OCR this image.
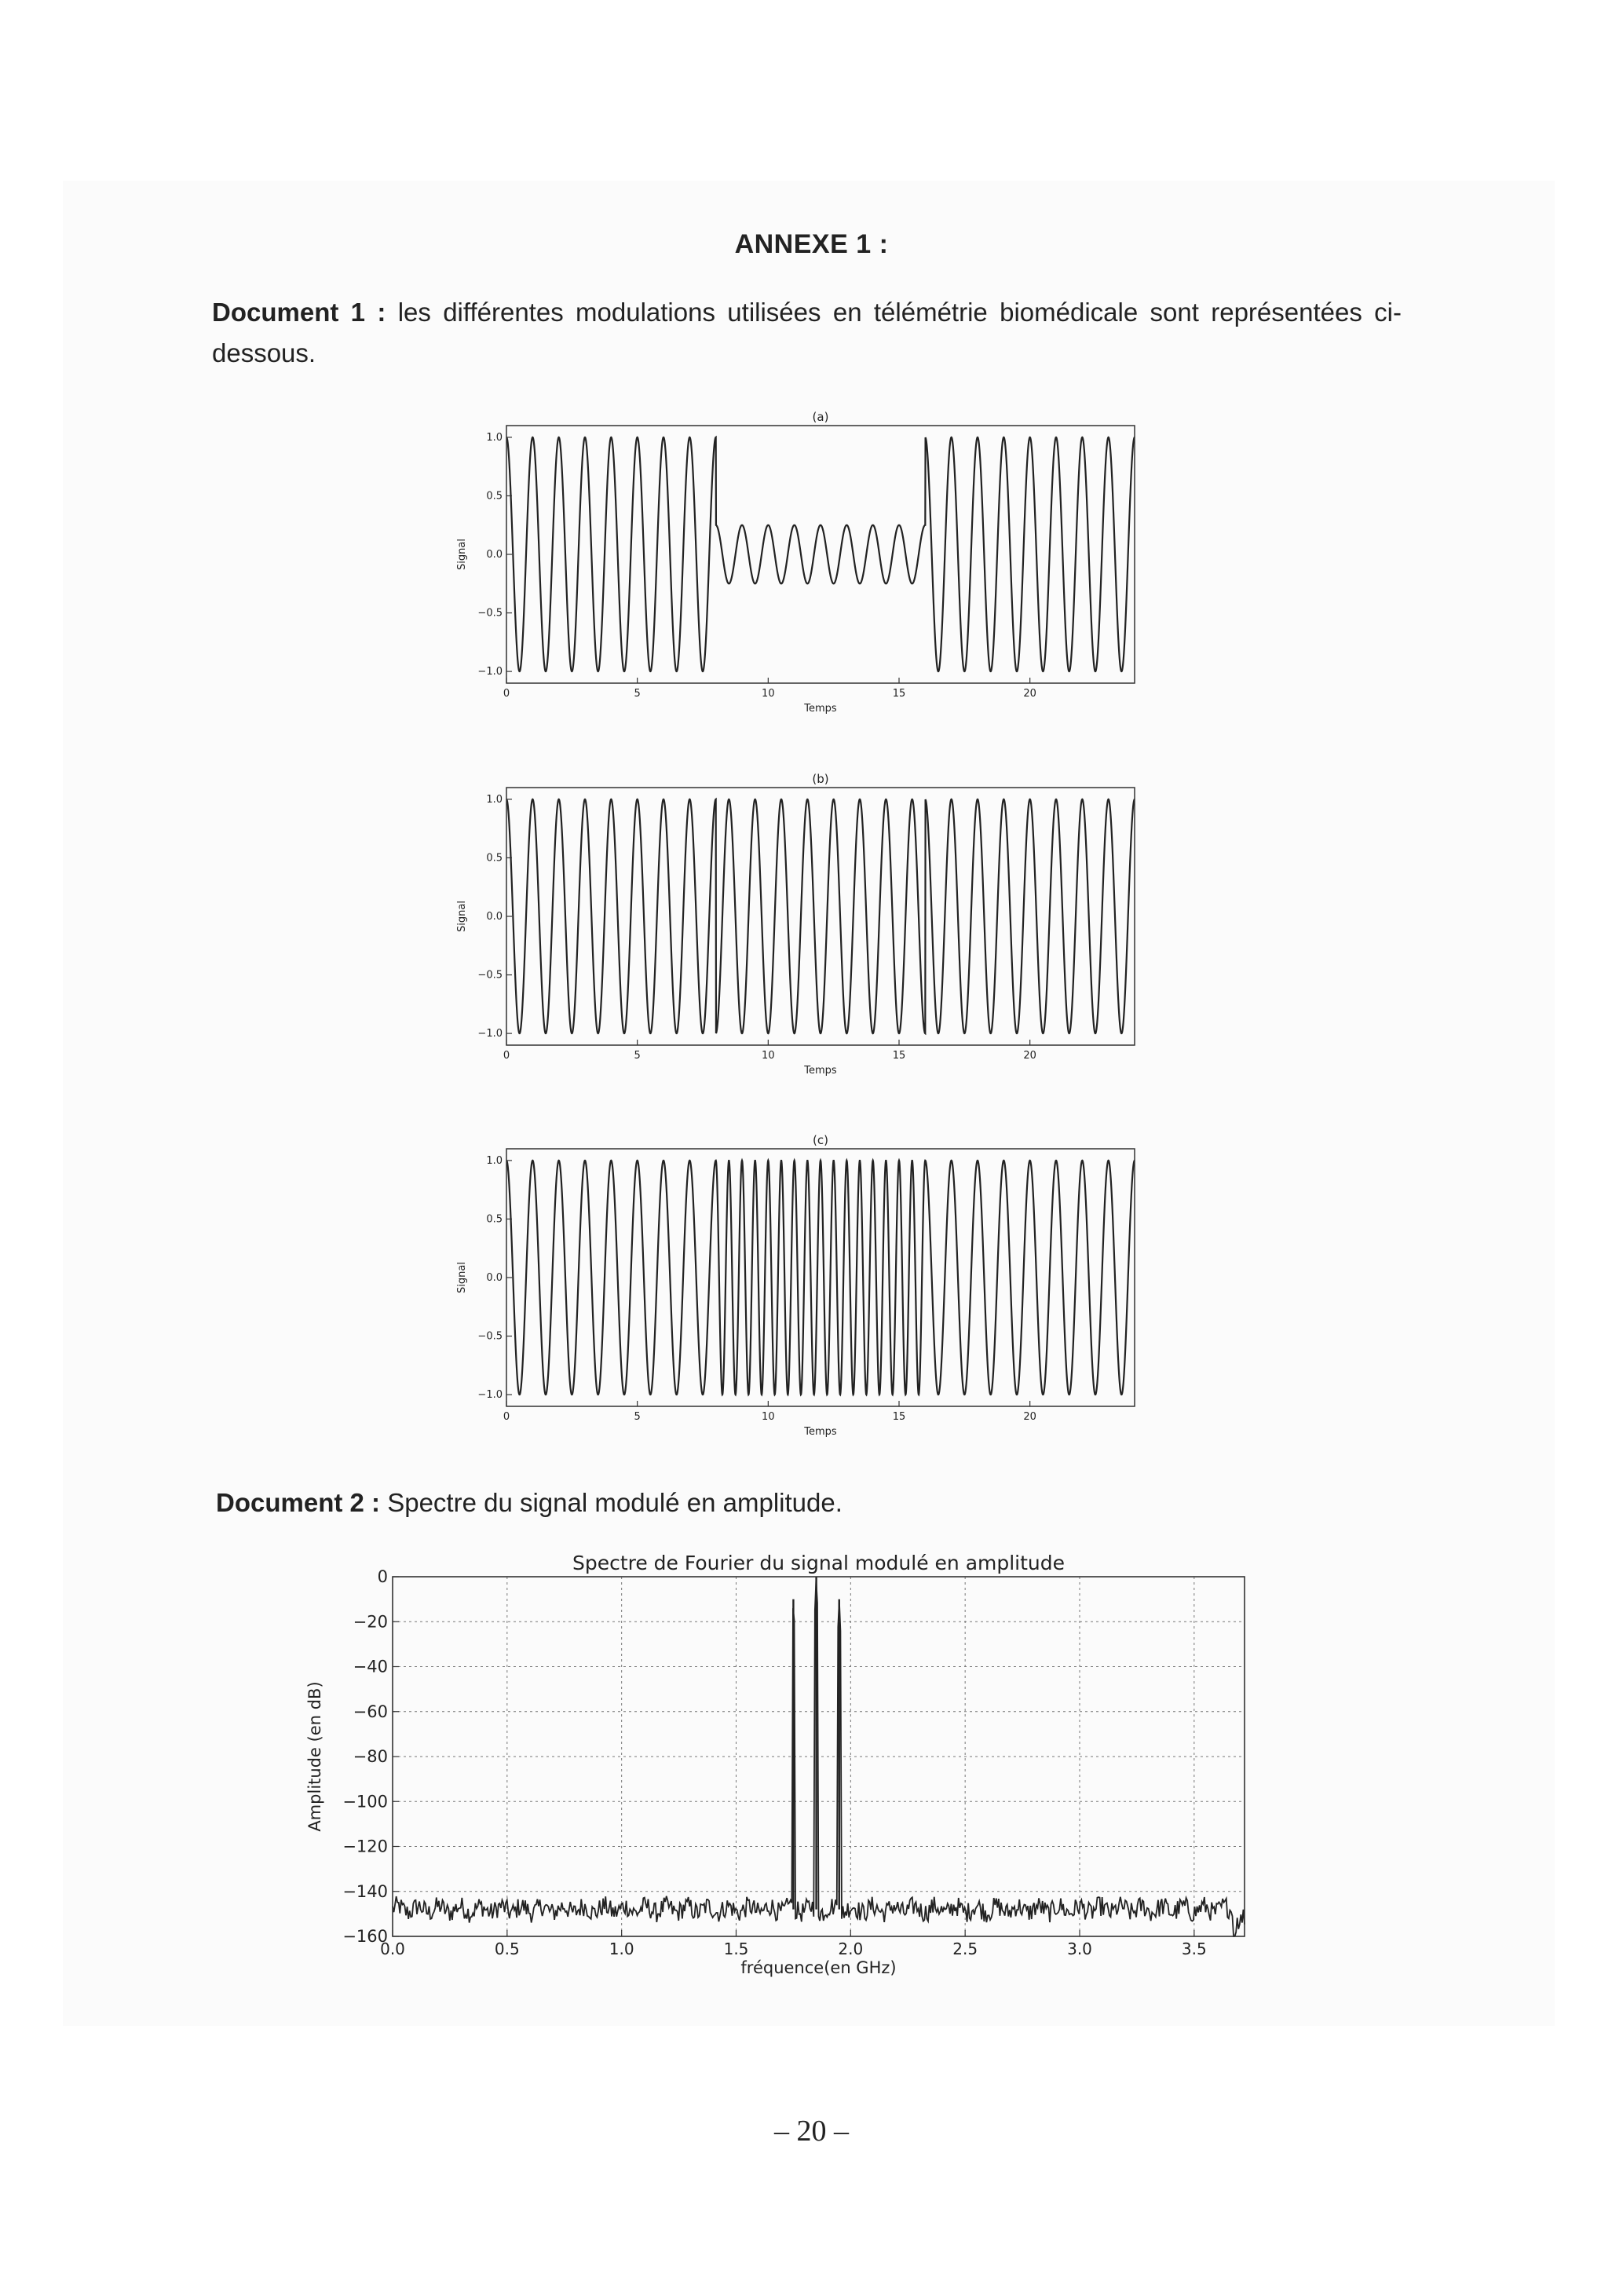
ANNEXE 1 :
Document 1 : les différentes modulations utilisées en télémétrie biomédicale sont représentées ci-dessous.
(a)
0	5	10	15	20
1.0
0.5
0.0
−0.5
−1.0
Temps
Signal
(b)
0	5	10	15	20
1.0
0.5
0.0
−0.5
−1.0
Temps
Signal
(c)
0	5	10	15	20
1.0
0.5
0.0
−0.5
−1.0
Temps
Signal
Document 2 : Spectre du signal modulé en amplitude.
Spectre de Fourier du signal modulé en amplitude
0.0	0.5	1.0	1.5	2.0	2.5	3.0	3.5
0
−20
−40
−60
−80
−100
−120
−140
−160
fréquence(en GHz)
Amplitude (en dB)
– 20 –
